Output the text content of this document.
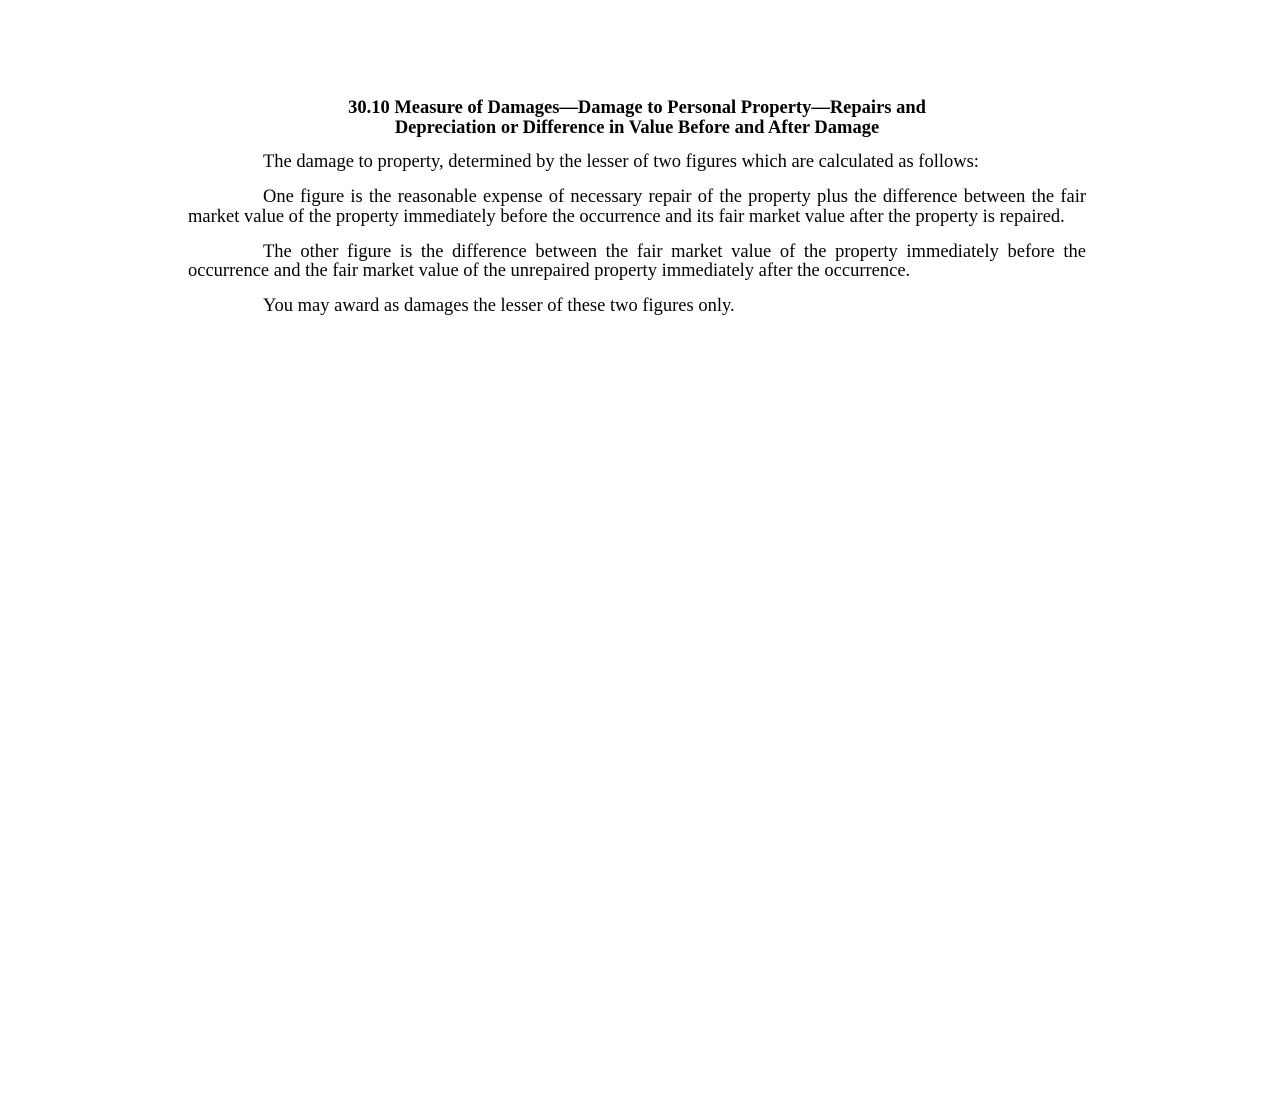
30.10 Measure of Damages—Damage to Personal Property—Repairs and
Depreciation or Difference in Value Before and After Damage

The damage to property, determined by the lesser of two figures which are calculated as follows:

One figure is the reasonable expense of necessary repair of the property plus the difference between the fair market value of the property immediately before the occurrence and its fair market value after the property is repaired.

The other figure is the difference between the fair market value of the property immediately before the occurrence and the fair market value of the unrepaired property immediately after the occurrence.

You may award as damages the lesser of these two figures only.
